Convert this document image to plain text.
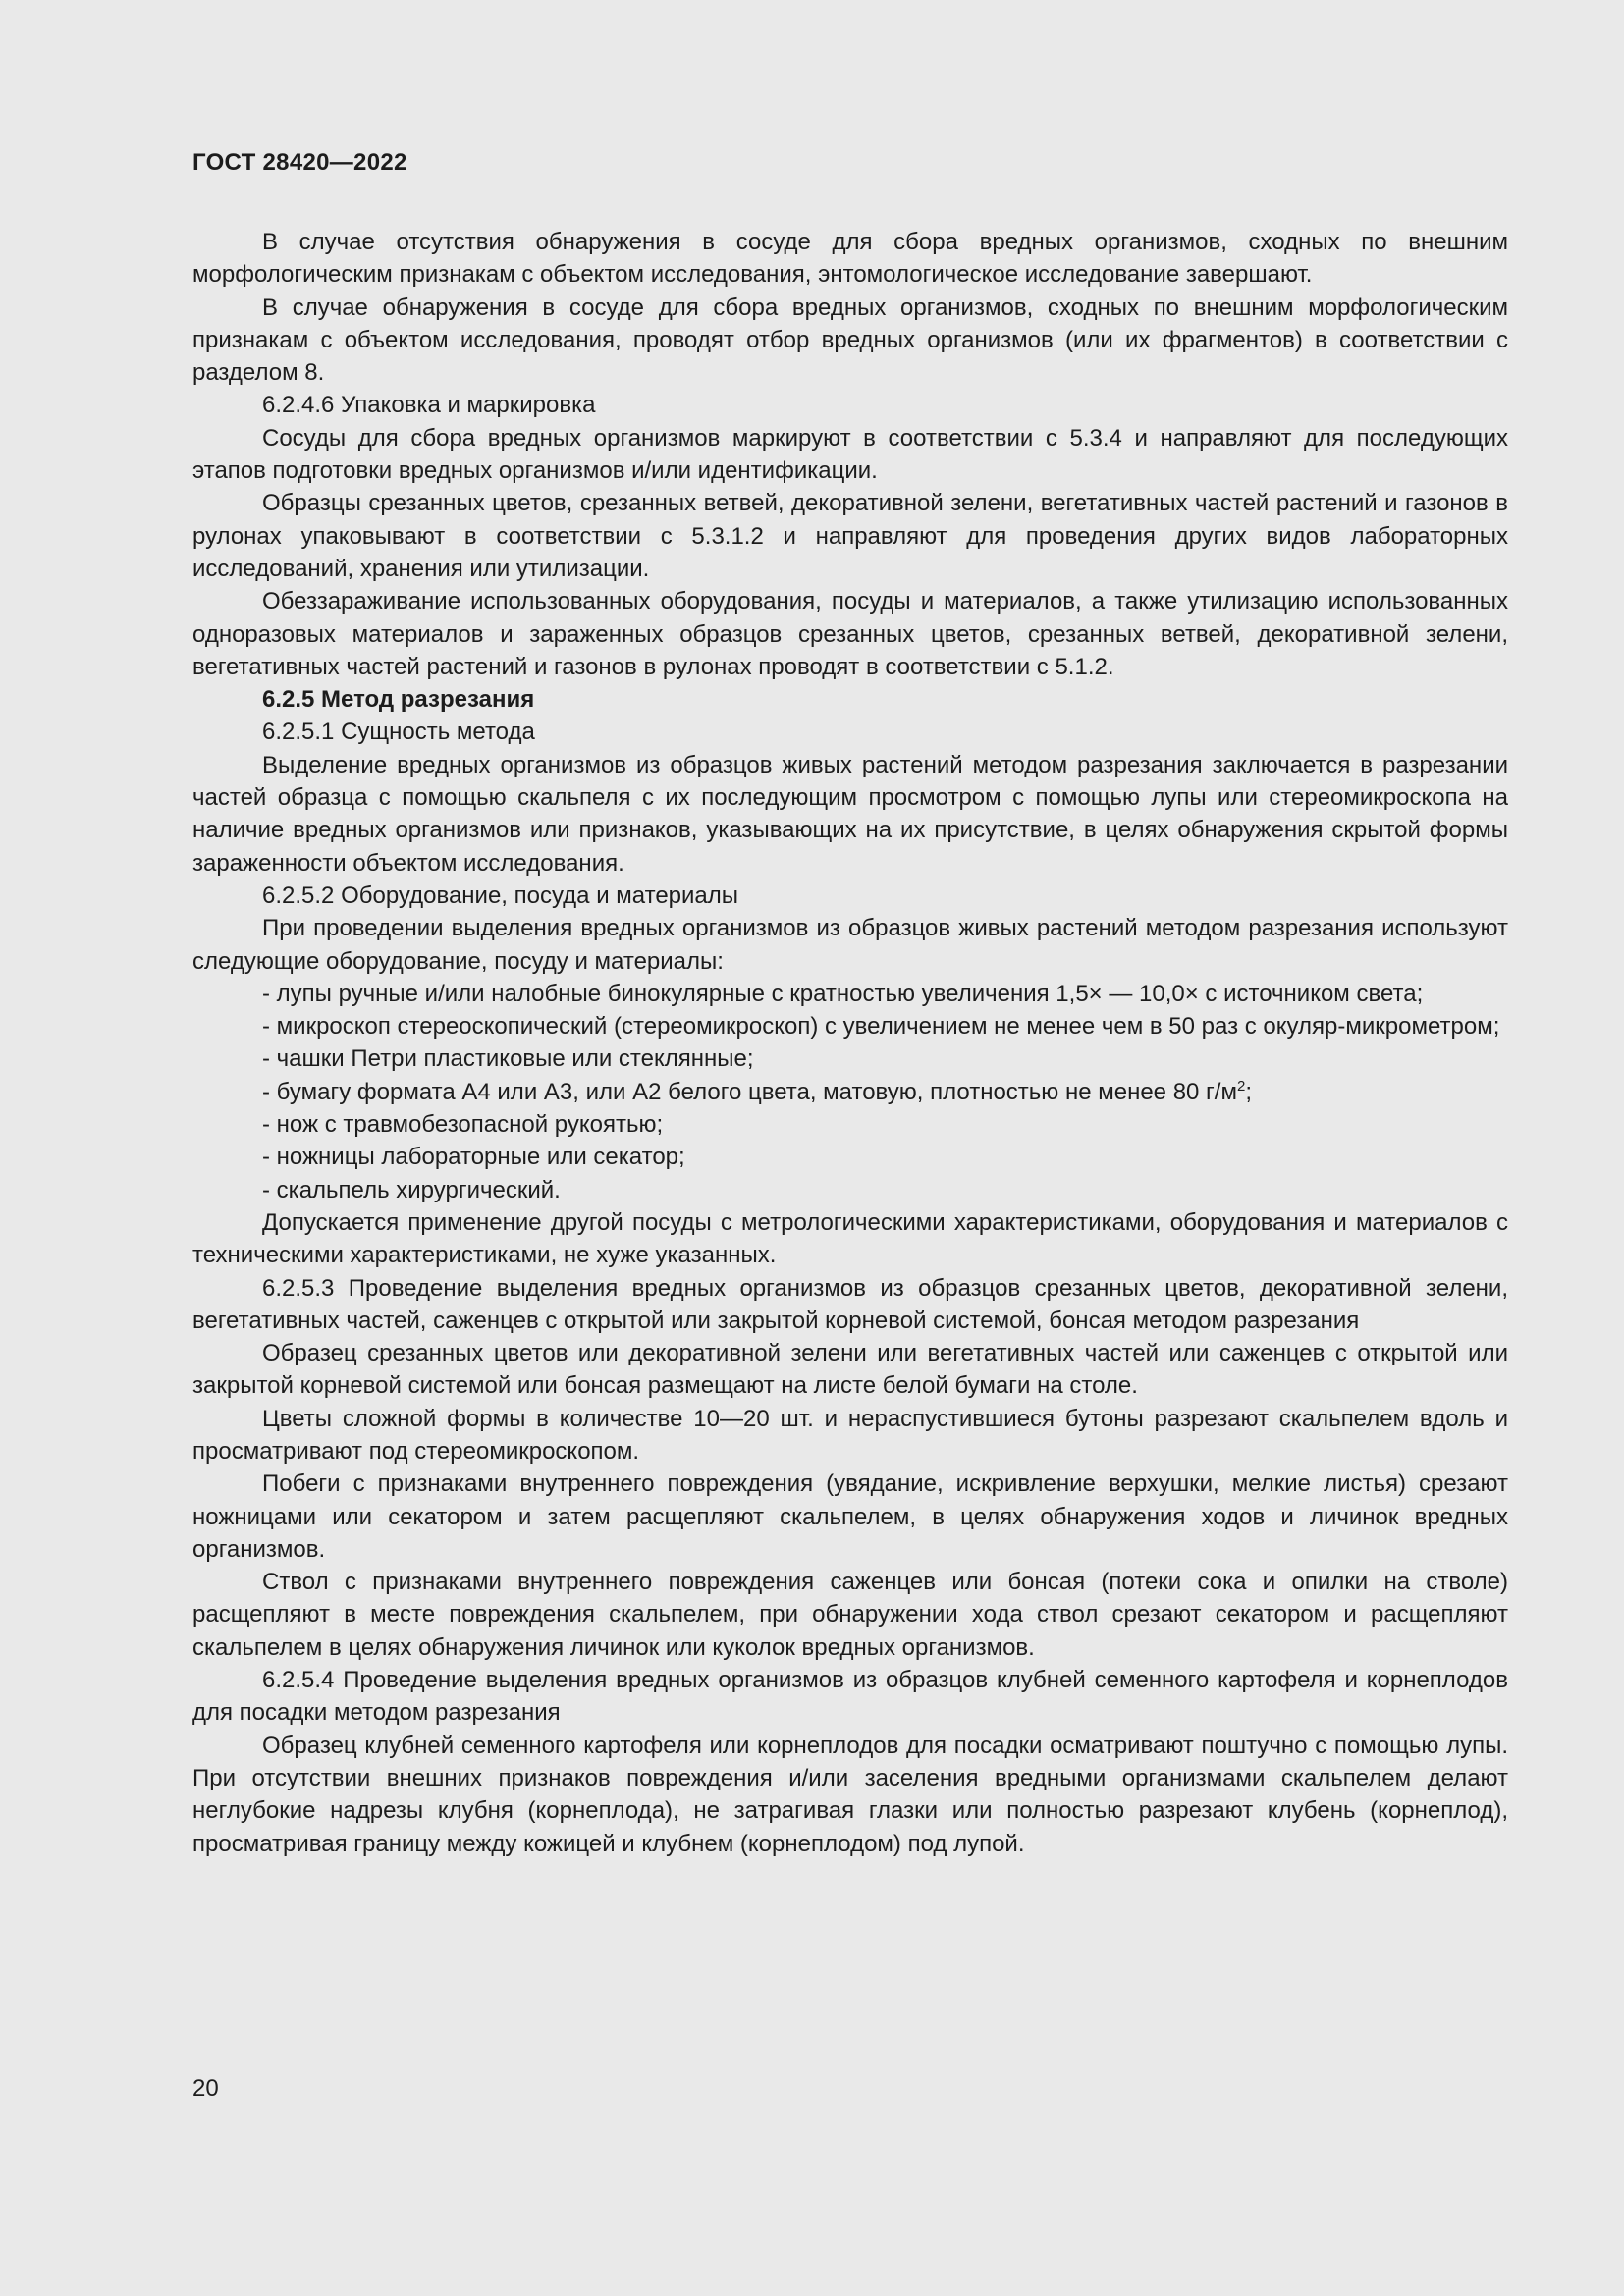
ГОСТ 28420—2022

В случае отсутствия обнаружения в сосуде для сбора вредных организмов, сходных по внешним морфологическим признакам с объектом исследования, энтомологическое исследование завершают.

В случае обнаружения в сосуде для сбора вредных организмов, сходных по внешним морфологическим признакам с объектом исследования, проводят отбор вредных организмов (или их фрагментов) в соответствии с разделом 8.

6.2.4.6 Упаковка и маркировка

Сосуды для сбора вредных организмов маркируют в соответствии с 5.3.4 и направляют для последующих этапов подготовки вредных организмов и/или идентификации.

Образцы срезанных цветов, срезанных ветвей, декоративной зелени, вегетативных частей растений и газонов в рулонах упаковывают в соответствии с 5.3.1.2 и направляют для проведения других видов лабораторных исследований, хранения или утилизации.

Обеззараживание использованных оборудования, посуды и материалов, а также утилизацию использованных одноразовых материалов и зараженных образцов срезанных цветов, срезанных ветвей, декоративной зелени, вегетативных частей растений и газонов в рулонах проводят в соответствии с 5.1.2.

6.2.5 Метод разрезания

6.2.5.1 Сущность метода

Выделение вредных организмов из образцов живых растений методом разрезания заключается в разрезании частей образца с помощью скальпеля с их последующим просмотром с помощью лупы или стереомикроскопа на наличие вредных организмов или признаков, указывающих на их присутствие, в целях обнаружения скрытой формы зараженности объектом исследования.

6.2.5.2 Оборудование, посуда и материалы

При проведении выделения вредных организмов из образцов живых растений методом разрезания используют следующие оборудование, посуду и материалы:

- лупы ручные и/или налобные бинокулярные с кратностью увеличения 1,5× — 10,0× с источником света;

- микроскоп стереоскопический (стереомикроскоп) с увеличением не менее чем в 50 раз с окуляр-микрометром;

- чашки Петри пластиковые или стеклянные;

- бумагу формата А4 или А3, или А2 белого цвета, матовую, плотностью не менее 80 $г/м^2$;

- нож с травмобезопасной рукоятью;

- ножницы лабораторные или секатор;

- скальпель хирургический.

Допускается применение другой посуды с метрологическими характеристиками, оборудования и материалов с техническими характеристиками, не хуже указанных.

6.2.5.3 Проведение выделения вредных организмов из образцов срезанных цветов, декоративной зелени, вегетативных частей, саженцев с открытой или закрытой корневой системой, бонсая методом разрезания

Образец срезанных цветов или декоративной зелени или вегетативных частей или саженцев с открытой или закрытой корневой системой или бонсая размещают на листе белой бумаги на столе.

Цветы сложной формы в количестве 10—20 шт. и нераспустившиеся бутоны разрезают скальпелем вдоль и просматривают под стереомикроскопом.

Побеги с признаками внутреннего повреждения (увядание, искривление верхушки, мелкие листья) срезают ножницами или секатором и затем расщепляют скальпелем, в целях обнаружения ходов и личинок вредных организмов.

Ствол с признаками внутреннего повреждения саженцев или бонсая (потеки сока и опилки на стволе) расщепляют в месте повреждения скальпелем, при обнаружении хода ствол срезают секатором и расщепляют скальпелем в целях обнаружения личинок или куколок вредных организмов.

6.2.5.4 Проведение выделения вредных организмов из образцов клубней семенного картофеля и корнеплодов для посадки методом разрезания

Образец клубней семенного картофеля или корнеплодов для посадки осматривают поштучно с помощью лупы. При отсутствии внешних признаков повреждения и/или заселения вредными организмами скальпелем делают неглубокие надрезы клубня (корнеплода), не затрагивая глазки или полностью разрезают клубень (корнеплод), просматривая границу между кожицей и клубнем (корнеплодом) под лупой.

20
